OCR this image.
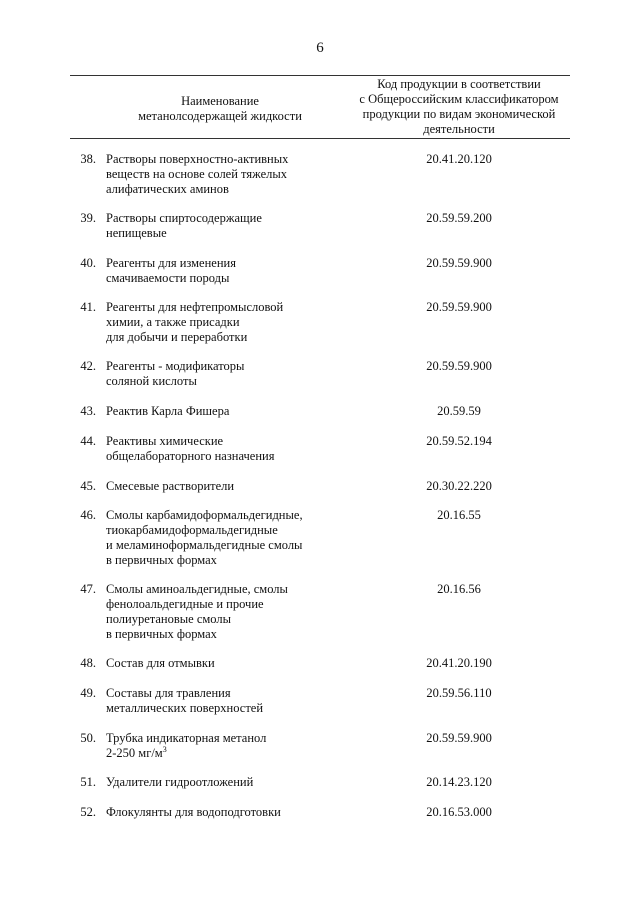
6
Наименование
метанолсодержащей жидкости
Код продукции в соответствии
с Общероссийским классификатором
продукции по видам экономической
деятельности
38. Растворы поверхностно-активных
веществ на основе солей тяжелых
алифатических аминов
20.41.20.120
39. Растворы спиртосодержащие
непищевые
20.59.59.200
40. Реагенты для изменения
смачиваемости породы
20.59.59.900
41. Реагенты для нефтепромысловой
химии, а также присадки
для добычи и переработки
20.59.59.900
42. Реагенты - модификаторы
соляной кислоты
20.59.59.900
43. Реактив Карла Фишера	20.59.59
44. Реактивы химические
общелабораторного назначения
20.59.52.194
45. Смесевые растворители	20.30.22.220
46. Смолы карбамидоформальдегидные,
тиокарбамидоформальдегидные
и меламиноформальдегидные смолы
в первичных формах
20.16.55
47. Смолы аминоальдегидные, смолы
фенолоальдегидные и прочие
полиуретановые смолы
в первичных формах
20.16.56
48. Состав для отмывки	20.41.20.190
49. Составы для травления
металлических поверхностей
20.59.56.110
50. Трубка индикаторная метанол
2-250 $мг/м^3$
20.59.59.900
51. Удалители гидроотложений	20.14.23.120
52. Флокулянты для водоподготовки	20.16.53.000
